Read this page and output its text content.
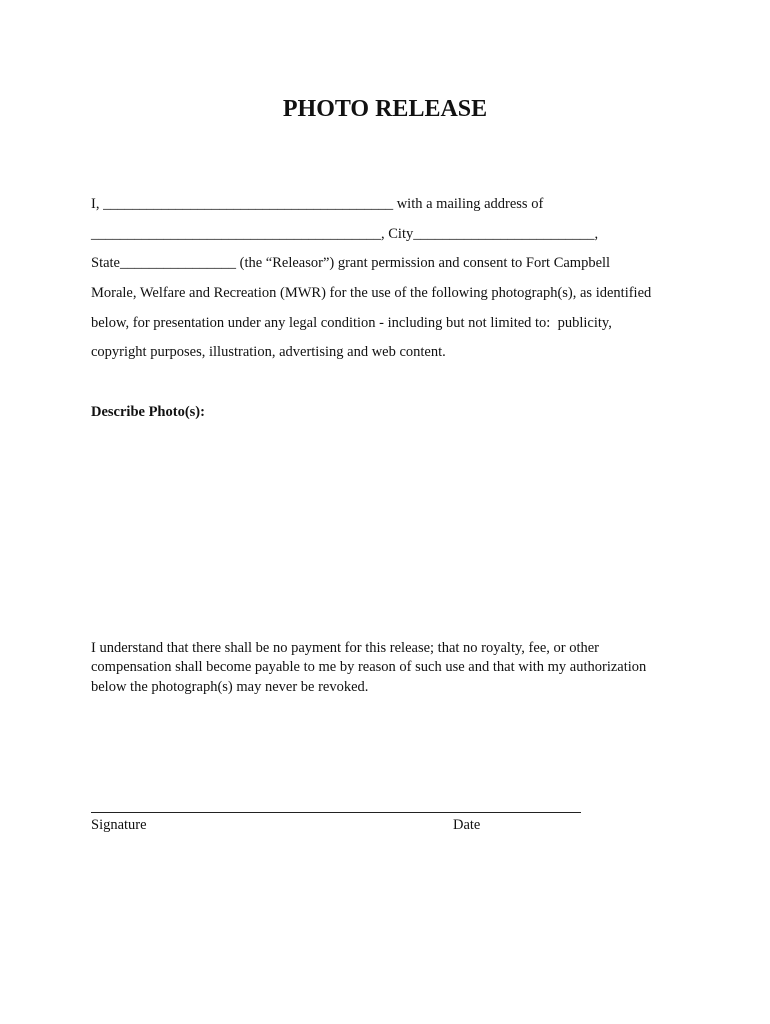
PHOTO RELEASE

I, ________________________________________ with a mailing address of

________________________________________, City_________________________,

State________________ (the “Releasor”) grant permission and consent to Fort Campbell

Morale, Welfare and Recreation (MWR) for the use of the following photograph(s), as identified

below, for presentation under any legal condition - including but not limited to:  publicity,

copyright purposes, illustration, advertising and web content.

Describe Photo(s):

I understand that there shall be no payment for this release; that no royalty, fee, or other

compensation shall become payable to me by reason of such use and that with my authorization

below the photograph(s) may never be revoked.

Signature	Date
